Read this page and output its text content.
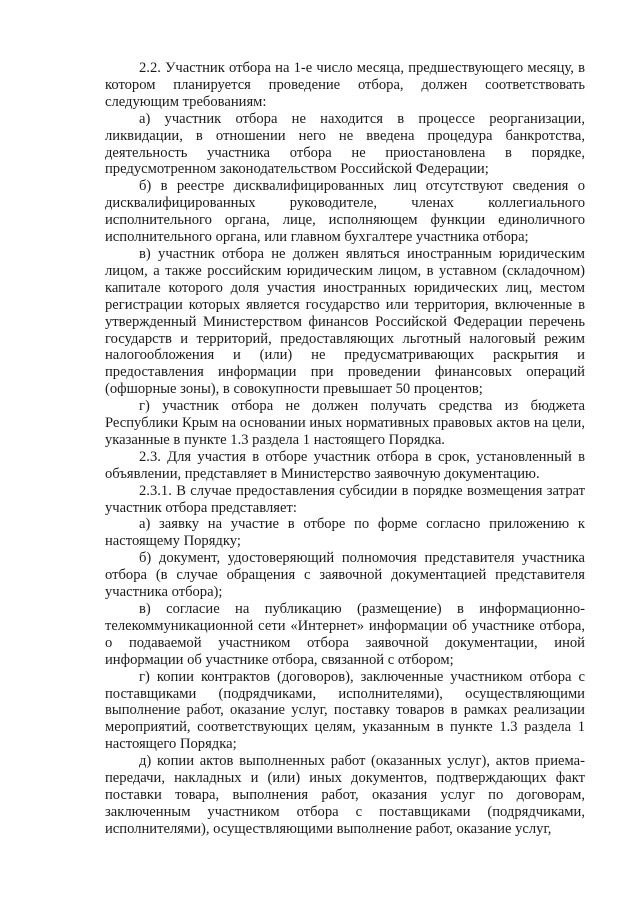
2.2. Участник отбора на 1-е число месяца, предшествующего месяцу, в котором планируется проведение отбора, должен соответствовать следующим требованиям:

а) участник отбора не находится в процессе реорганизации, ликвидации, в отношении него не введена процедура банкротства, деятельность участника отбора не приостановлена в порядке, предусмотренном законодательством Российской Федерации;

б) в реестре дисквалифицированных лиц отсутствуют сведения о дисквалифицированных руководителе, членах коллегиального исполнительного органа, лице, исполняющем функции единоличного исполнительного органа, или главном бухгалтере участника отбора;

в) участник отбора не должен являться иностранным юридическим лицом, а также российским юридическим лицом, в уставном (складочном) капитале которого доля участия иностранных юридических лиц, местом регистрации которых является государство или территория, включенные в утвержденный Министерством финансов Российской Федерации перечень государств и территорий, предоставляющих льготный налоговый режим налогообложения и (или) не предусматривающих раскрытия и предоставления информации при проведении финансовых операций (офшорные зоны), в совокупности превышает 50 процентов;

г) участник отбора не должен получать средства из бюджета Республики Крым на основании иных нормативных правовых актов на цели, указанные в пункте 1.3 раздела 1 настоящего Порядка.

2.3. Для участия в отборе участник отбора в срок, установленный в объявлении, представляет в Министерство заявочную документацию.

2.3.1. В случае предоставления субсидии в порядке возмещения затрат участник отбора представляет:

а) заявку на участие в отборе по форме согласно приложению к настоящему Порядку;

б) документ, удостоверяющий полномочия представителя участника отбора (в случае обращения с заявочной документацией представителя участника отбора);

в) согласие на публикацию (размещение) в информационно-телекоммуникационной сети «Интернет» информации об участнике отбора, о подаваемой участником отбора заявочной документации, иной информации об участнике отбора, связанной с отбором;

г) копии контрактов (договоров), заключенные участником отбора с поставщиками (подрядчиками, исполнителями), осуществляющими выполнение работ, оказание услуг, поставку товаров в рамках реализации мероприятий, соответствующих целям, указанным в пункте 1.3 раздела 1 настоящего Порядка;

д) копии актов выполненных работ (оказанных услуг), актов приема-передачи, накладных и (или) иных документов, подтверждающих факт поставки товара, выполнения работ, оказания услуг по договорам, заключенным участником отбора с поставщиками (подрядчиками, исполнителями), осуществляющими выполнение работ, оказание услуг,
